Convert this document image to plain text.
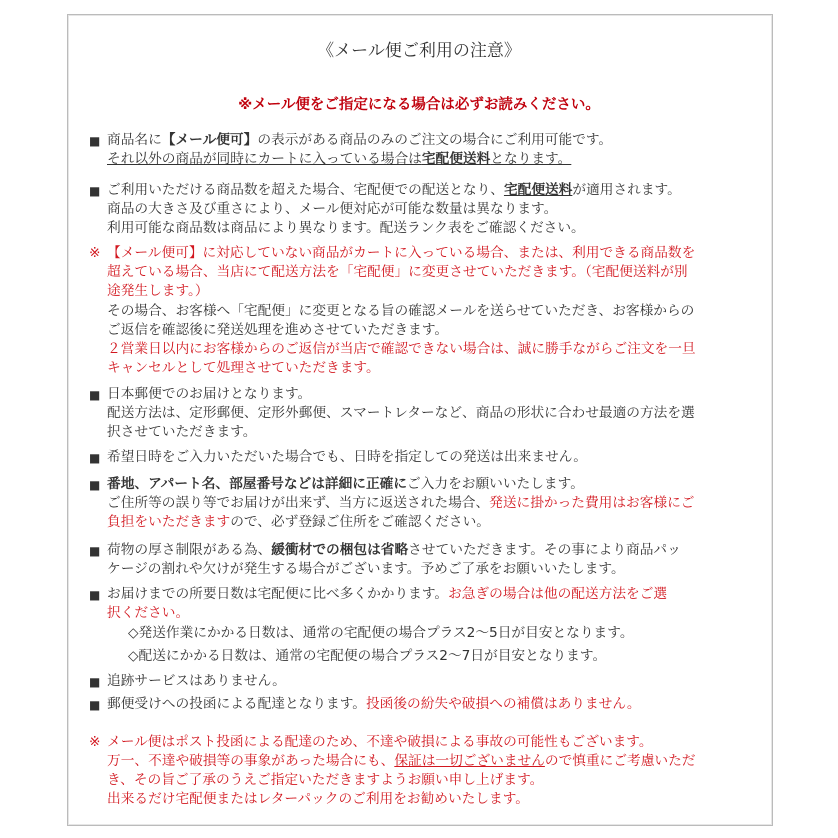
《メール便ご利用の注意》
※メール便をご指定になる場合は必ずお読みください。
■ 商品名に【メール便可】の表示がある商品のみのご注文の場合にご利用可能です。
それ以外の商品が同時にカートに入っている場合は宅配便送料となります。
■ ご利用いただける商品数を超えた場合、宅配便での配送となり、宅配便送料が適用されます。
商品の大きさ及び重さにより、メール便対応が可能な数量は異なります。
利用可能な商品数は商品により異なります。配送ランク表をご確認ください。
※ 【メール便可】に対応していない商品がカートに入っている場合、または、利用できる商品数を
超えている場合、当店にて配送方法を「宅配便」に変更させていただきます。（宅配便送料が別
途発生します。）
その場合、お客様へ「宅配便」に変更となる旨の確認メールを送らせていただき、お客様からの
ご返信を確認後に発送処理を進めさせていただきます。
２営業日以内にお客様からのご返信が当店で確認できない場合は、誠に勝手ながらご注文を一旦
キャンセルとして処理させていただきます。
■ 日本郵便でのお届けとなります。
配送方法は、定形郵便、定形外郵便、スマートレターなど、商品の形状に合わせ最適の方法を選
択させていただきます。
■ 希望日時をご入力いただいた場合でも、日時を指定しての発送は出来ません。
■ 番地、アパート名、部屋番号などは詳細に正確にご入力をお願いいたします。
ご住所等の誤り等でお届けが出来ず、当方に返送された場合、発送に掛かった費用はお客様にご
負担をいただきますので、必ず登録ご住所をご確認ください。
■ 荷物の厚さ制限がある為、緩衝材での梱包は省略させていただきます。その事により商品パッ
ケージの割れや欠けが発生する場合がございます。予めご了承をお願いいたします。
■ お届けまでの所要日数は宅配便に比べ多くかかります。お急ぎの場合は他の配送方法をご選
択ください。
◇発送作業にかかる日数は、通常の宅配便の場合プラス2～5日が目安となります。
◇配送にかかる日数は、通常の宅配便の場合プラス2～7日が目安となります。
■ 追跡サービスはありません。
■ 郵便受けへの投函による配達となります。投函後の紛失や破損への補償はありません。
※ メール便はポスト投函による配達のため、不達や破損による事故の可能性もございます。
万一、不達や破損等の事象があった場合にも、保証は一切ございませんので慎重にご考慮いただ
き、その旨ご了承のうえご指定いただきますようお願い申し上げます。
出来るだけ宅配便またはレターパックのご利用をお勧めいたします。
